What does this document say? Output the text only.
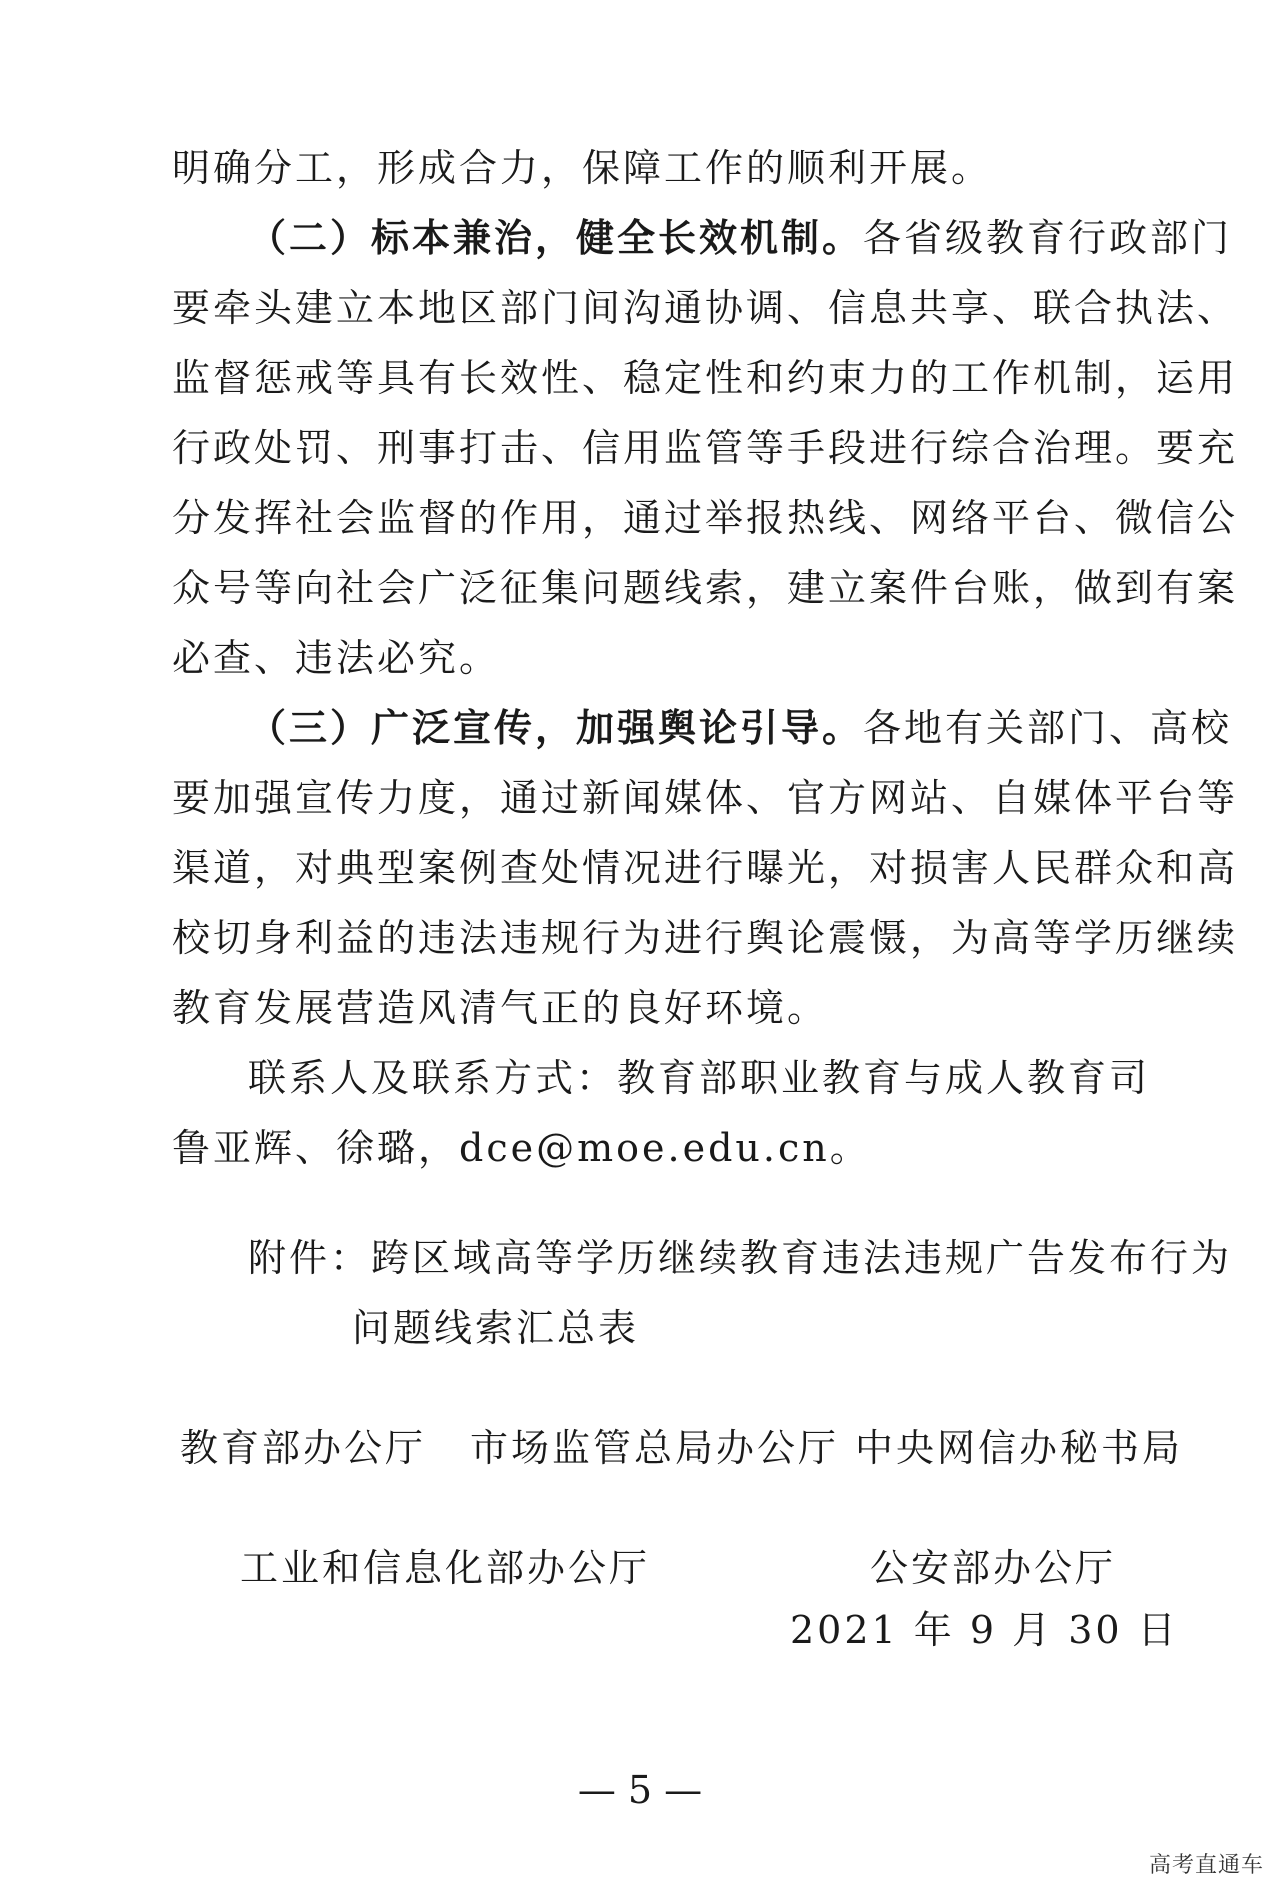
明确分工，形成合力，保障工作的顺利开展。
（二）标本兼治，健全长效机制。各省级教育行政部门
要牵头建立本地区部门间沟通协调、信息共享、联合执法、
监督惩戒等具有长效性、稳定性和约束力的工作机制，运用
行政处罚、刑事打击、信用监管等手段进行综合治理。要充
分发挥社会监督的作用，通过举报热线、网络平台、微信公
众号等向社会广泛征集问题线索，建立案件台账，做到有案
必查、违法必究。
（三）广泛宣传，加强舆论引导。各地有关部门、高校
要加强宣传力度，通过新闻媒体、官方网站、自媒体平台等
渠道，对典型案例查处情况进行曝光，对损害人民群众和高
校切身利益的违法违规行为进行舆论震慑，为高等学历继续
教育发展营造风清气正的良好环境。
联系人及联系方式：教育部职业教育与成人教育司
鲁亚辉、徐璐，dce@moe.edu.cn。
附件：跨区域高等学历继续教育违法违规广告发布行为
问题线索汇总表
教育部办公厅 市场监管总局办公厅 中央网信办秘书局
工业和信息化部办公厅	公安部办公厅
2021 年 9 月 30 日
— 5 —
高考直通车
